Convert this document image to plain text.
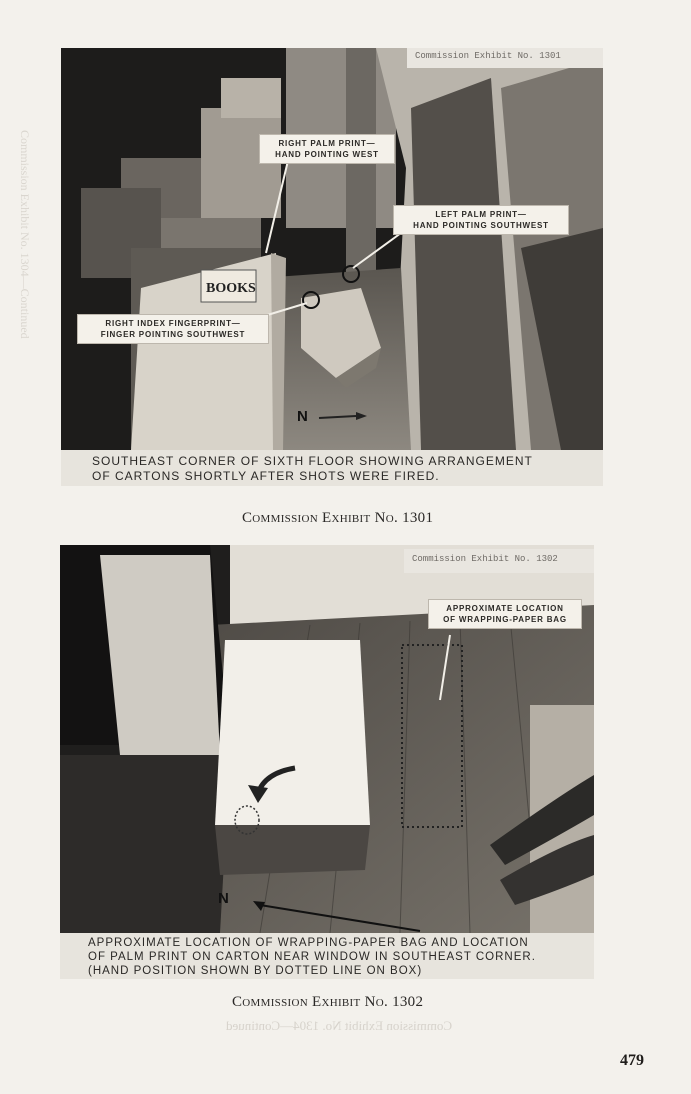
Commission Exhibit No. 1304—Continued
Commission Exhibit No. 1304—Continued
BOOKS
Commission Exhibit No. 1301
RIGHT PALM PRINT—
HAND POINTING WEST
LEFT PALM PRINT—
HAND POINTING SOUTHWEST
RIGHT INDEX FINGERPRINT—
FINGER POINTING SOUTHWEST
N
SOUTHEAST CORNER OF SIXTH FLOOR SHOWING ARRANGEMENT
OF CARTONS SHORTLY AFTER SHOTS WERE FIRED.
Commission Exhibit No. 1301
Commission Exhibit No. 1302
APPROXIMATE LOCATION
OF WRAPPING-PAPER BAG
N
APPROXIMATE LOCATION OF WRAPPING-PAPER BAG AND LOCATION
OF PALM PRINT ON CARTON NEAR WINDOW IN SOUTHEAST CORNER.
(HAND POSITION SHOWN BY DOTTED LINE ON BOX)
Commission Exhibit No. 1302
479
